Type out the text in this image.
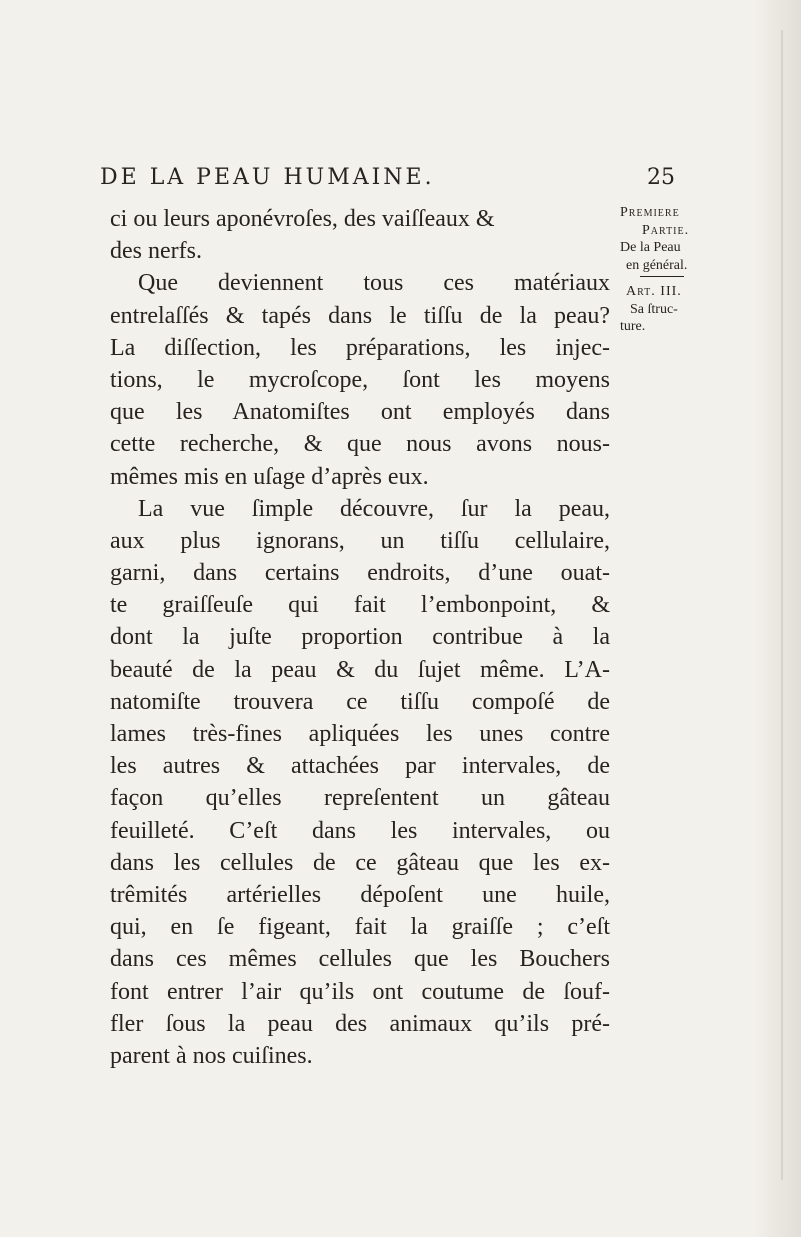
DE LA PEAU HUMAINE.	25
Premiere
Partie.
De la Peau
en général.
Art. III.
Sa ſtruc-
ture.
ci ou leurs aponévroſes, des vaiſſeaux &
des nerfs.
Que deviennent tous ces matériaux
entrelaſſés & tapés dans le tiſſu de la peau?
La diſſection, les préparations, les injec-
tions, le mycroſcope, ſont les moyens
que les Anatomiſtes ont employés dans
cette recherche, & que nous avons nous-
mêmes mis en uſage d’après eux.
La vue ſimple découvre, ſur la peau,
aux plus ignorans, un tiſſu cellulaire,
garni, dans certains endroits, d’une ouat-
te graiſſeuſe qui fait l’embonpoint, &
dont la juſte proportion contribue à la
beauté de la peau & du ſujet même. L’A-
natomiſte trouvera ce tiſſu compoſé de
lames très-fines apliquées les unes contre
les autres & attachées par intervales, de
façon qu’elles repreſentent un gâteau
feuilleté. C’eſt dans les intervales, ou
dans les cellules de ce gâteau que les ex-
trêmités artérielles dépoſent une huile,
qui, en ſe figeant, fait la graiſſe ; c’eſt
dans ces mêmes cellules que les Bouchers
font entrer l’air qu’ils ont coutume de ſouf-
fler ſous la peau des animaux qu’ils pré-
parent à nos cuiſines.
